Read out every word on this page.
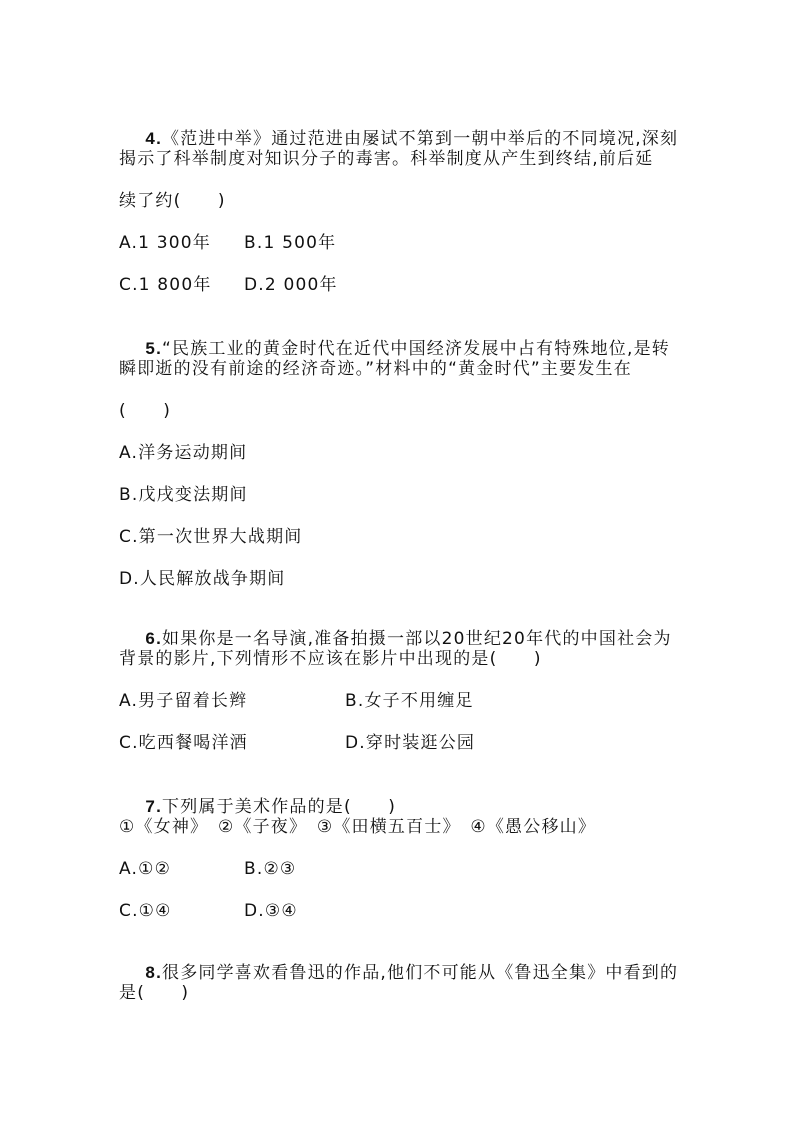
4.《范进中举》通过范进由屡试不第到一朝中举后的不同境况,深刻

揭示了科举制度对知识分子的毒害。科举制度从产生到终结,前后延
续了约(　　)
A.1 300年 B.1 500年
C.1 800年 D.2 000年

5.“民族工业的黄金时代在近代中国经济发展中占有特殊地位,是转

瞬即逝的没有前途的经济奇迹。”材料中的“黄金时代”主要发生在
(　　)
A.洋务运动期间
B.戊戌变法期间
C.第一次世界大战期间
D.人民解放战争期间

6.如果你是一名导演,准备拍摄一部以20世纪20年代的中国社会为

背景的影片,下列情形不应该在影片中出现的是(　　)
A.男子留着长辫	B.女子不用缠足
C.吃西餐喝洋酒	D.穿时装逛公园

7.下列属于美术作品的是(　　)

①《女神》　②《子夜》　③《田横五百士》　④《愚公移山》
A.①②	B.②③
C.①④	D.③④

8.很多同学喜欢看鲁迅的作品,他们不可能从《鲁迅全集》中看到的

是(　　)
